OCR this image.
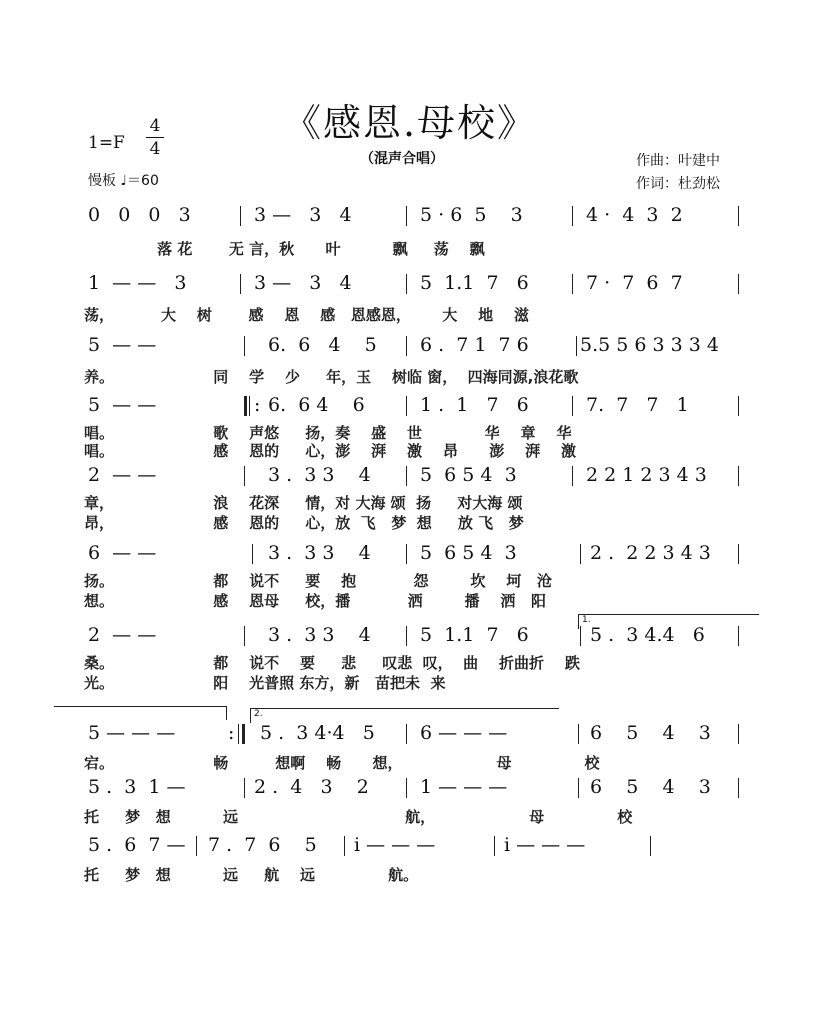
《感恩.母校》
（混声合唱）
1=F
4
4
慢板 ♩＝60
作曲：叶建中
作词：杜劲松

0   0   0   3

	3 —   3   4

	5 · 6  5    3

	4 ·  4  3  2

落 花       无 言，秋      叶          飘     荡    飘

1  — —   3

	3 —   3   4

	5  1.1  7   6

	7 ·  7  6  7

荡，         大    树       感    恩    感   恩感恩，      大    地    滋

5  — —

	6.  6   4    5

6 .  7 1  7 6

	5.5 5 6 3 3 3 4

养。                   同    学    少     年，玉    树临 窗，  四海同源,浪花歌

5  — —

	:

6.  6 4    6

	1 .  1   7   6

	7.  7   7   1

唱。                   歌    声悠     扬，奏    盛    世            华    章    华
唱。                   感    恩的     心，澎    湃    激    昂      澎    湃    激

2  — —

	3 .  3 3    4

	5  6 5 4  3

	2 2 1 2 3 4 3

章，                   浪    花深     情，对 大海 颂  扬     对大海 颂
昂，                   感    恩的     心，放  飞   梦  想     放 飞   梦

6  — —

	3 .  3 3    4

	5  6 5 4  3

	2 .  2 2 3 4 3

扬。                   都    说不     要    抱           怨        坎    坷   沧
想。                   感    恩母     校，播           洒        播    洒   阳
1.

2  — —

	3 .  3 3    4

	5  1.1  7   6

	5 .  3 4.4   6

桑。                   都    说不    要     悲     叹悲  叹，  曲    折曲折    跌
光。                   阳    光普照 东方，新   苗把未  来
2.

5 — — —

	:

5 .  3 4·4   5

6 — — —

	6    5    4    3

宕。                   畅         想啊    畅      想，                  母              校

5 .  3  1 —

	2 .  4   3    2

	1 — — —

	6    5    4    3

托     梦   想          远                                航，                  母              校

5 .  6  7 —

7 .  7  6    5

i — — —

	i — — —

托     梦   想          远     航    远              航。
